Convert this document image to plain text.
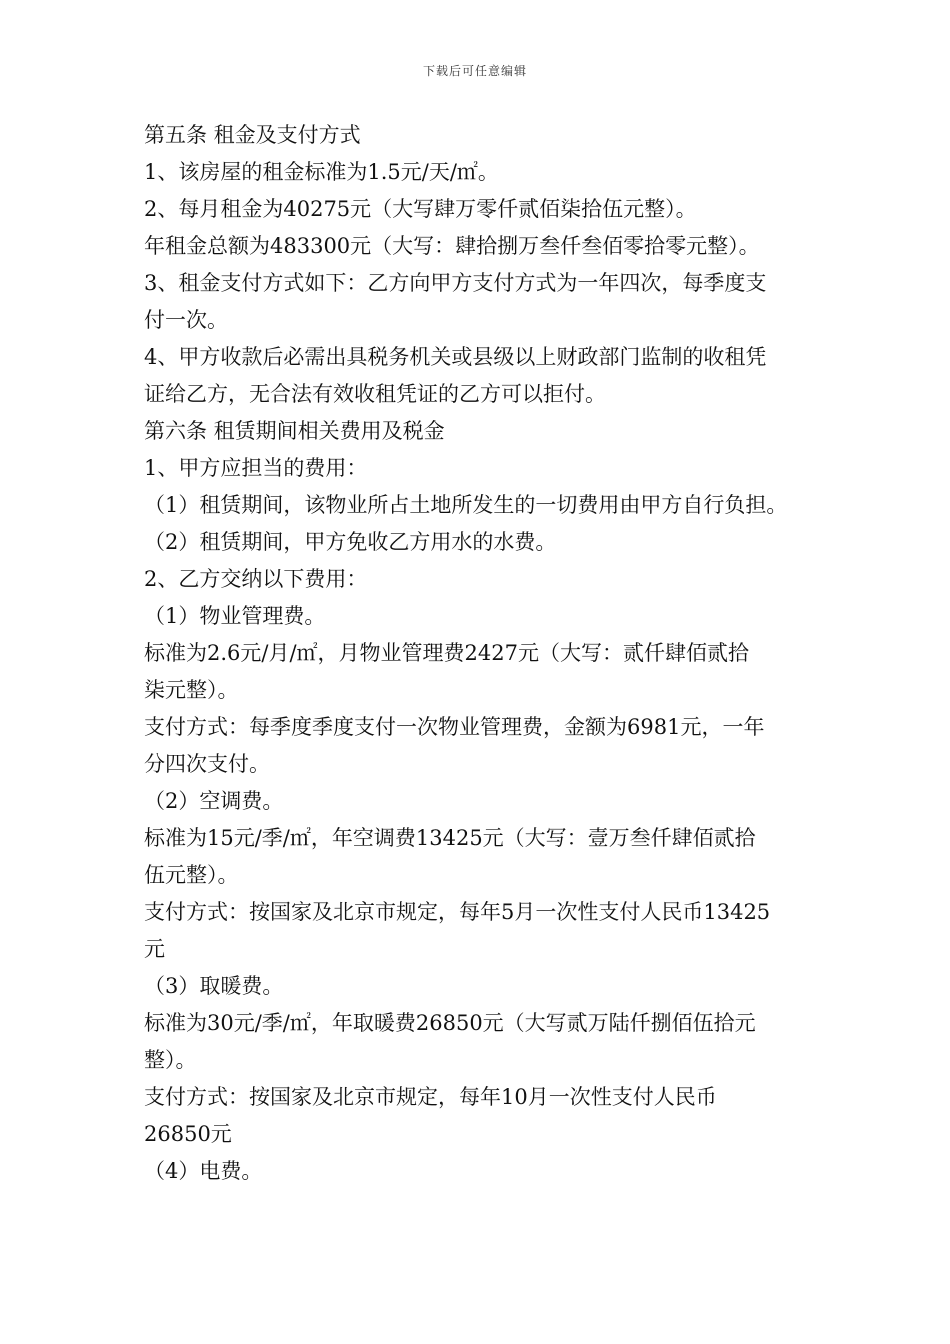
下载后可任意编辑
第五条 租金及支付方式
1、该房屋的租金标准为1.5元/天/㎡。
2、每月租金为40275元（大写肆万零仟贰佰柒拾伍元整）。
年租金总额为483300元（大写：肆拾捌万叁仟叁佰零拾零元整）。
3、租金支付方式如下：乙方向甲方支付方式为一年四次，每季度支
付一次。
4、甲方收款后必需出具税务机关或县级以上财政部门监制的收租凭
证给乙方，无合法有效收租凭证的乙方可以拒付。
第六条 租赁期间相关费用及税金
1、甲方应担当的费用：
（1）租赁期间，该物业所占土地所发生的一切费用由甲方自行负担。
（2）租赁期间，甲方免收乙方用水的水费。
2、乙方交纳以下费用：
（1）物业管理费。
标准为2.6元/月/㎡，月物业管理费2427元（大写：贰仟肆佰贰拾
柒元整）。
支付方式：每季度季度支付一次物业管理费，金额为6981元，一年
分四次支付。
（2）空调费。
标准为15元/季/㎡，年空调费13425元（大写：壹万叁仟肆佰贰拾
伍元整）。
支付方式：按国家及北京市规定，每年5月一次性支付人民币13425
元
（3）取暖费。
标准为30元/季/㎡，年取暖费26850元（大写贰万陆仟捌佰伍拾元
整）。
支付方式：按国家及北京市规定，每年10月一次性支付人民币
26850元
（4）电费。
